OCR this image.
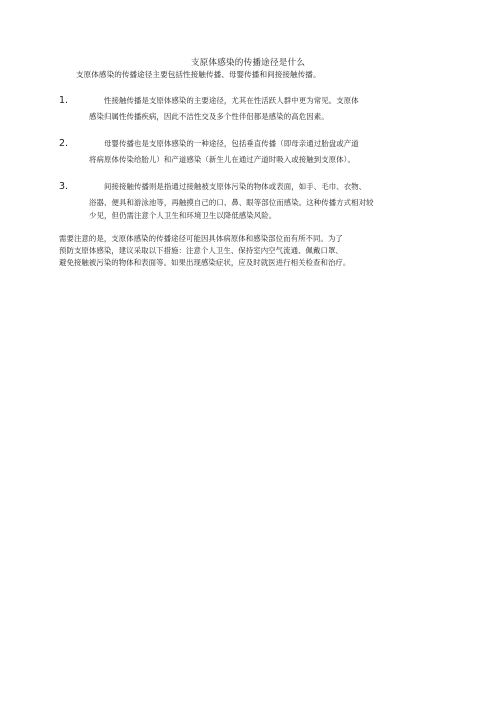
支原体感染的传播途径是什么
支原体感染的传播途径主要包括性接触传播、母婴传播和间接接触传播。
1.	性接触传播是支原体感染的主要途径，尤其在性活跃人群中更为常见。支原体
感染归属性传播疾病，因此不洁性交及多个性伴侣都是感染的高危因素。
2.	母婴传播也是支原体感染的一种途径，包括垂直传播（即母亲通过胎盘或产道
将病原体传染给胎儿）和产道感染（新生儿在通过产道时吸入或接触到支原体）。
3.	间接接触传播则是指通过接触被支原体污染的物体或表面，如手、毛巾、衣物、
浴器、便具和游泳池等，再触摸自己的口、鼻、眼等部位而感染。这种传播方式相对较
少见，但仍需注意个人卫生和环境卫生以降低感染风险。
需要注意的是，支原体感染的传播途径可能因具体病原体和感染部位而有所不同。为了
预防支原体感染，建议采取以下措施：注意个人卫生、保持室内空气流通、佩戴口罩、
避免接触被污染的物体和表面等。如果出现感染症状，应及时就医进行相关检查和治疗。
